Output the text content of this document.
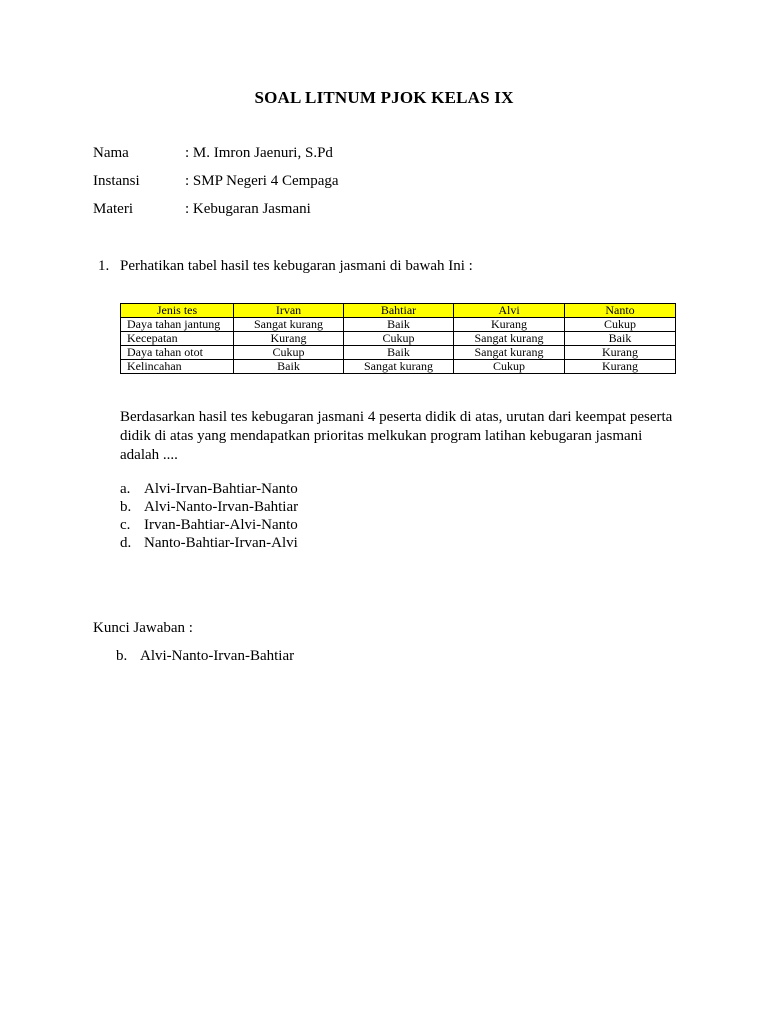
SOAL LITNUM PJOK KELAS IX
Nama	: M. Imron Jaenuri, S.Pd
Instansi	: SMP Negeri 4 Cempaga
Materi	: Kebugaran Jasmani
1. Perhatikan tabel hasil tes kebugaran jasmani di bawah Ini :
Jenis tes	Irvan	Bahtiar	Alvi	Nanto
Daya tahan jantung	Sangat kurang	Baik	Kurang	Cukup
Kecepatan	Kurang	Cukup	Sangat kurang	Baik
Daya tahan otot	Cukup	Baik	Sangat kurang	Kurang
Kelincahan	Baik	Sangat kurang	Cukup	Kurang
Berdasarkan hasil tes kebugaran jasmani 4 peserta didik di atas, urutan dari keempat peserta didik di atas yang mendapatkan prioritas melkukan program latihan kebugaran jasmani adalah ....
a. Alvi-Irvan-Bahtiar-Nanto
b. Alvi-Nanto-Irvan-Bahtiar
c. Irvan-Bahtiar-Alvi-Nanto
d. Nanto-Bahtiar-Irvan-Alvi
Kunci Jawaban :
b. Alvi-Nanto-Irvan-Bahtiar
